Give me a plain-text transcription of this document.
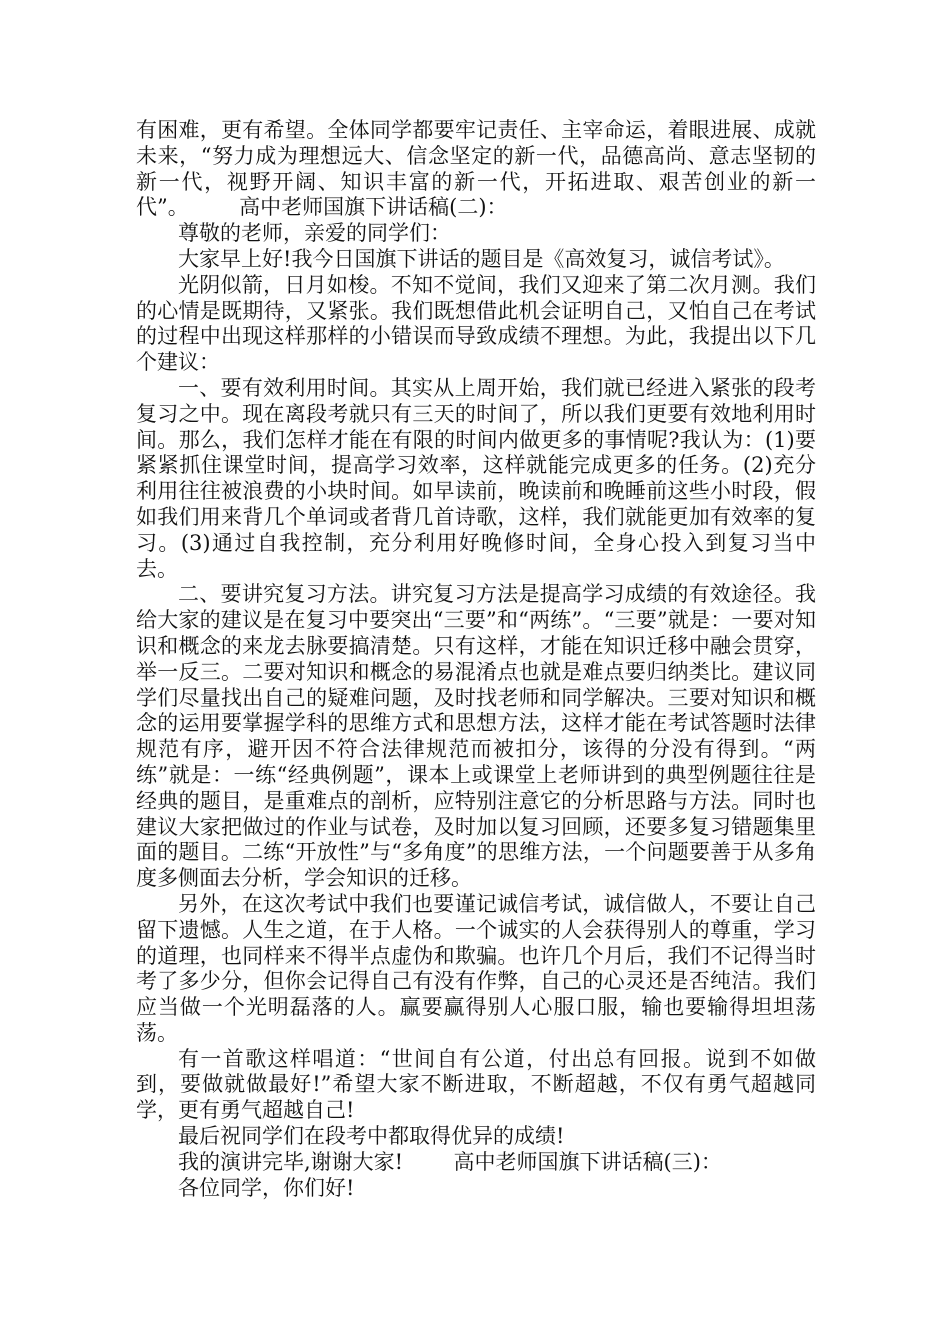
有困难，更有希望。全体同学都要牢记责任、主宰命运，着眼进展、成就未来，“努力成为理想远大、信念坚定的新一代，品德高尚、意志坚韧的新一代，视野开阔、知识丰富的新一代，开拓进取、艰苦创业的新一代”。 高中老师国旗下讲话稿(二)：

尊敬的老师，亲爱的同学们：

大家早上好!我今日国旗下讲话的题目是《高效复习，诚信考试》。

光阴似箭，日月如梭。不知不觉间，我们又迎来了第二次月测。我们的心情是既期待，又紧张。我们既想借此机会证明自己，又怕自己在考试的过程中出现这样那样的小错误而导致成绩不理想。为此，我提出以下几个建议：

一、要有效利用时间。其实从上周开始，我们就已经进入紧张的段考复习之中。现在离段考就只有三天的时间了，所以我们更要有效地利用时间。那么，我们怎样才能在有限的时间内做更多的事情呢?我认为：(1)要紧紧抓住课堂时间，提高学习效率，这样就能完成更多的任务。(2)充分利用往往被浪费的小块时间。如早读前，晚读前和晚睡前这些小时段，假如我们用来背几个单词或者背几首诗歌，这样，我们就能更加有效率的复习。(3)通过自我控制，充分利用好晚修时间，全身心投入到复习当中去。

二、要讲究复习方法。讲究复习方法是提高学习成绩的有效途径。我给大家的建议是在复习中要突出“三要”和“两练”。“三要”就是：一要对知识和概念的来龙去脉要搞清楚。只有这样，才能在知识迁移中融会贯穿，举一反三。二要对知识和概念的易混淆点也就是难点要归纳类比。建议同学们尽量找出自己的疑难问题，及时找老师和同学解决。三要对知识和概念的运用要掌握学科的思维方式和思想方法，这样才能在考试答题时法律规范有序，避开因不符合法律规范而被扣分，该得的分没有得到。“两练”就是：一练“经典例题”，课本上或课堂上老师讲到的典型例题往往是经典的题目，是重难点的剖析，应特别注意它的分析思路与方法。同时也建议大家把做过的作业与试卷，及时加以复习回顾，还要多复习错题集里面的题目。二练“开放性”与“多角度”的思维方法，一个问题要善于从多角度多侧面去分析，学会知识的迁移。

另外，在这次考试中我们也要谨记诚信考试，诚信做人，不要让自己留下遗憾。人生之道，在于人格。一个诚实的人会获得别人的尊重，学习的道理，也同样来不得半点虚伪和欺骗。也许几个月后，我们不记得当时考了多少分，但你会记得自己有没有作弊，自己的心灵还是否纯洁。我们应当做一个光明磊落的人。赢要赢得别人心服口服，输也要输得坦坦荡荡。

有一首歌这样唱道：“世间自有公道，付出总有回报。说到不如做到，要做就做最好!”希望大家不断进取，不断超越，不仅有勇气超越同学，更有勇气超越自己!

最后祝同学们在段考中都取得优异的成绩!

我的演讲完毕,谢谢大家! 高中老师国旗下讲话稿(三)：

各位同学，你们好!
